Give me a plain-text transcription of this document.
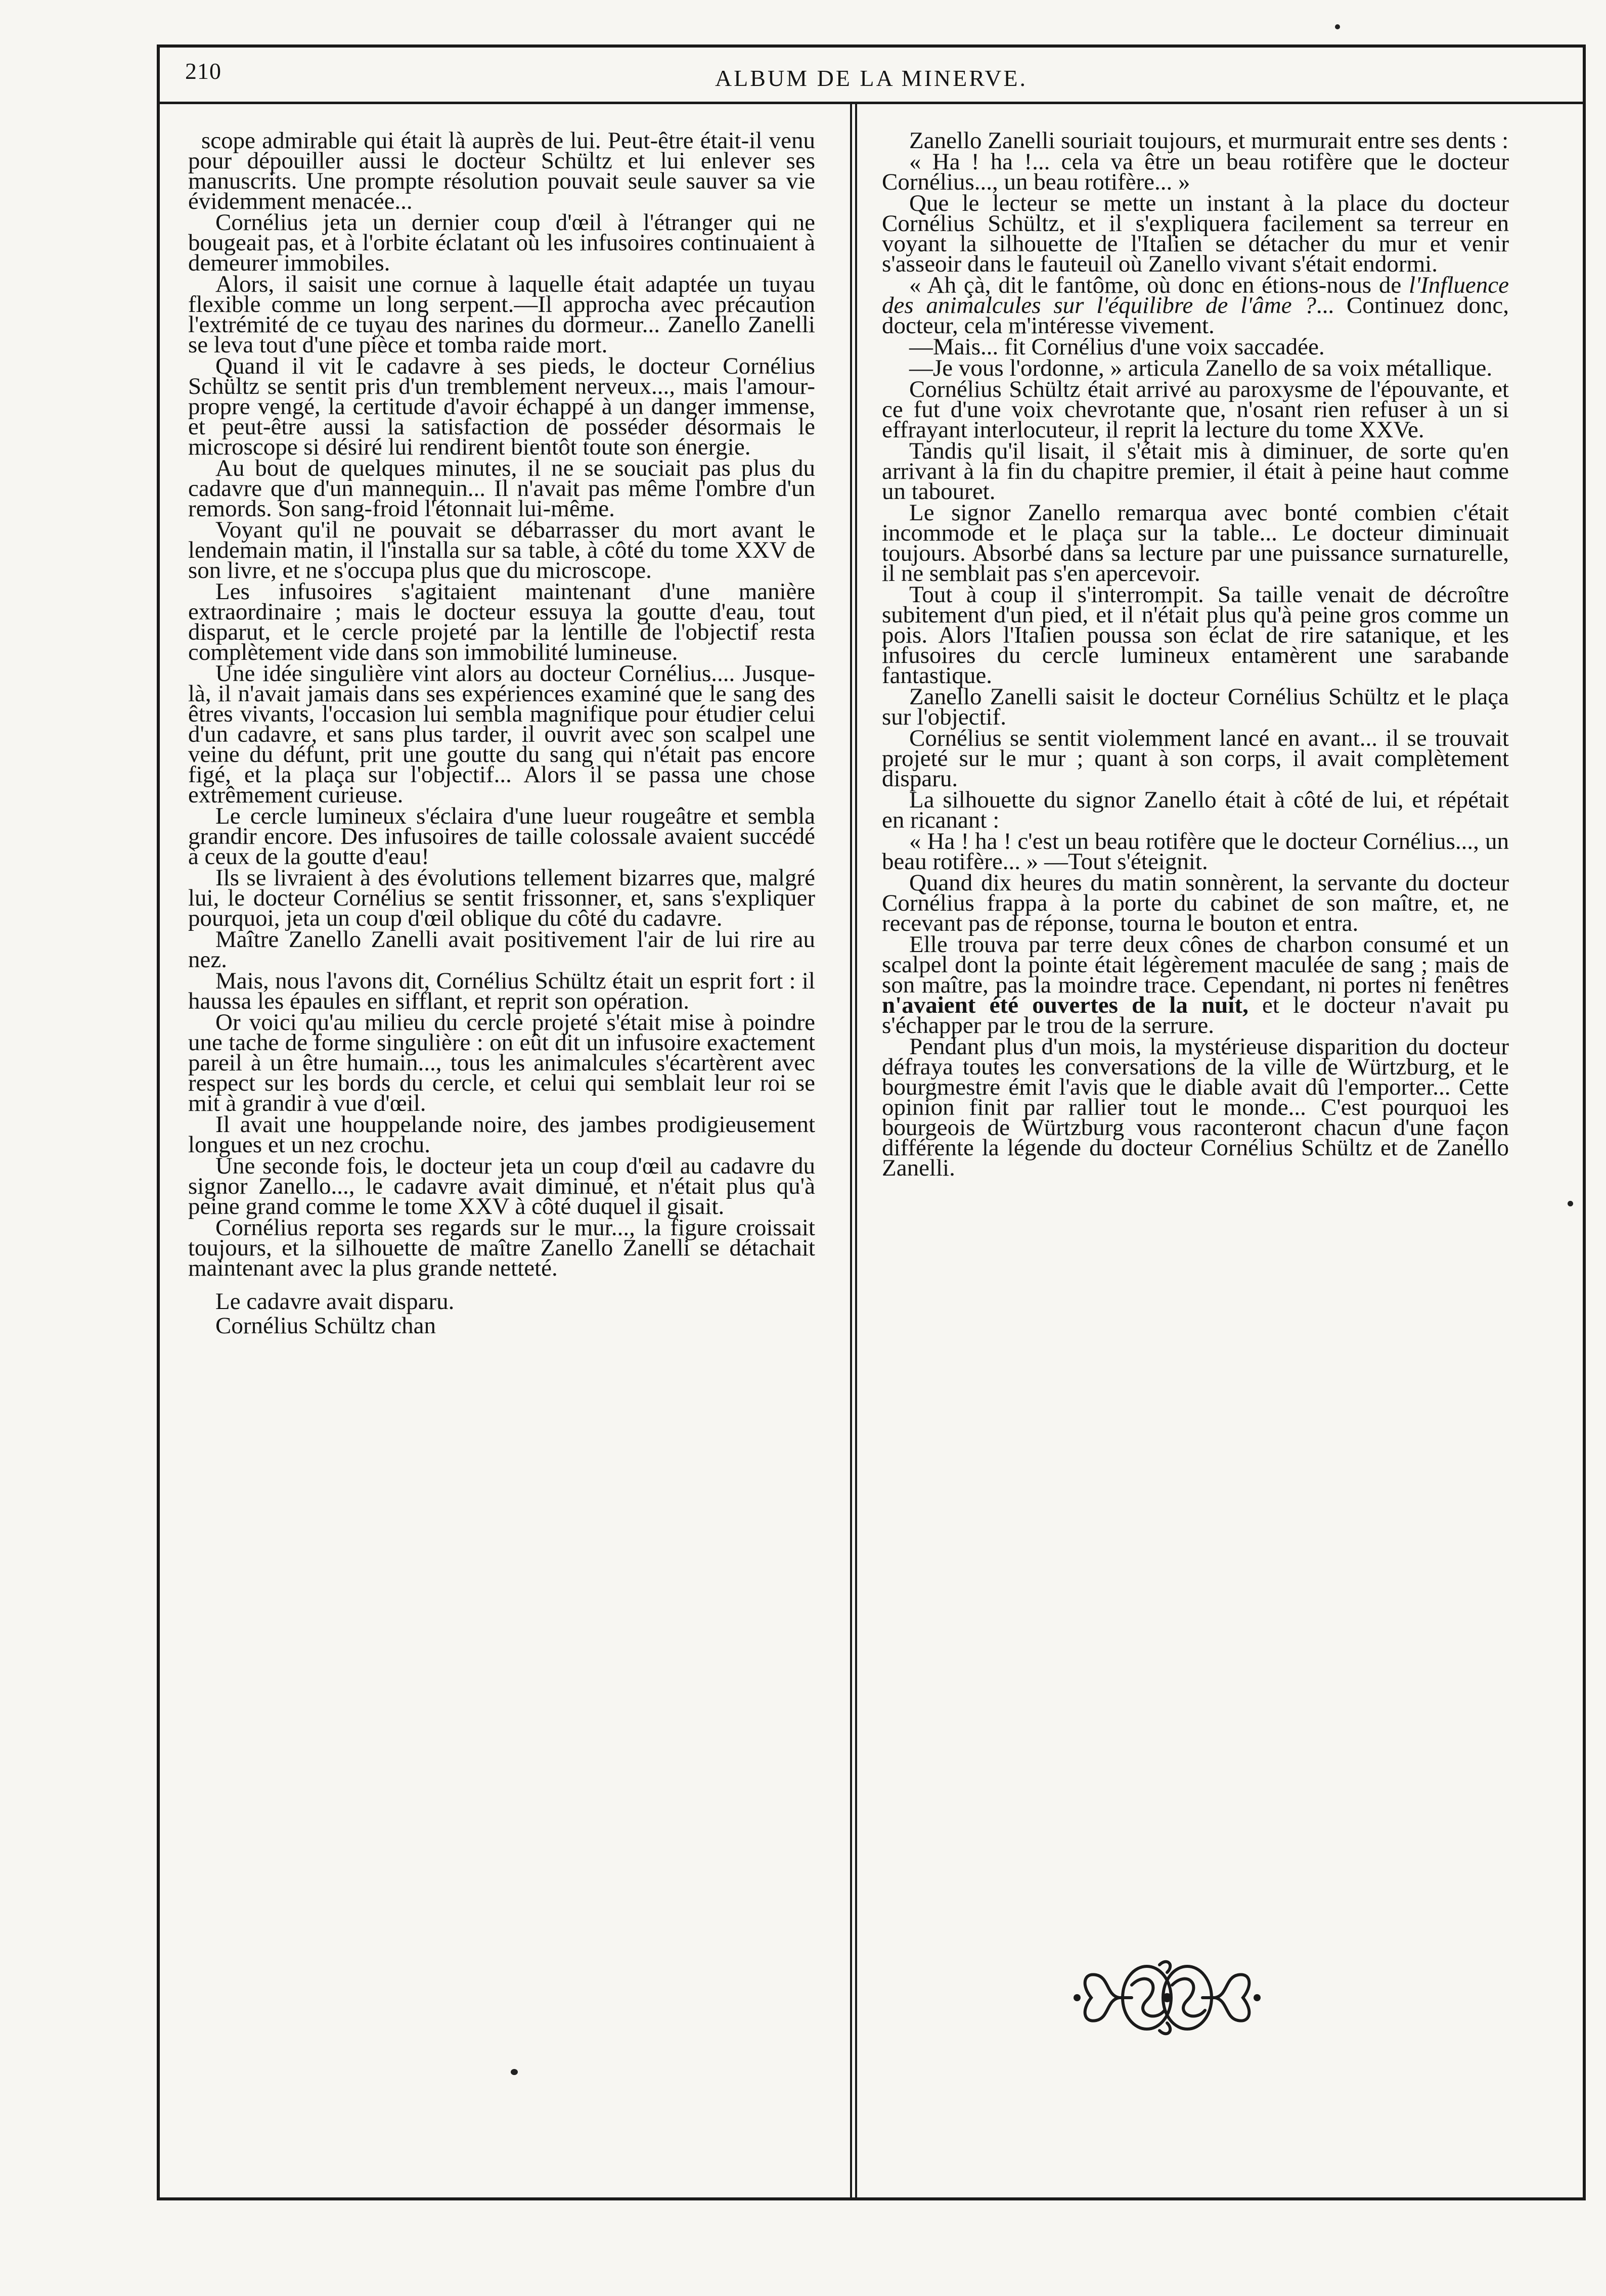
210	ALBUM DE LA MINERVE.

scope admirable qui était là auprès de lui. Peut-être était-il venu pour dépouiller aussi le docteur Schültz et lui enlever ses manuscrits. Une prompte résolution pouvait seule sauver sa vie évidemment menacée...

Cornélius jeta un dernier coup d'œil à l'étranger qui ne bougeait pas, et à l'orbite éclatant où les infusoires continuaient à demeurer immobiles.

Alors, il saisit une cornue à laquelle était adaptée un tuyau flexible comme un long serpent.—Il approcha avec précaution l'extrémité de ce tuyau des narines du dormeur... Zanello Zanelli se leva tout d'une pièce et tomba raide mort.

Quand il vit le cadavre à ses pieds, le docteur Cornélius Schültz se sentit pris d'un tremblement nerveux..., mais l'amour-propre vengé, la certitude d'avoir échappé à un danger immense, et peut-être aussi la satisfaction de posséder désormais le microscope si désiré lui rendirent bientôt toute son énergie.

Au bout de quelques minutes, il ne se souciait pas plus du cadavre que d'un mannequin... Il n'avait pas même l'ombre d'un remords. Son sang-froid l'étonnait lui-même.

Voyant qu'il ne pouvait se débarrasser du mort avant le lendemain matin, il l'installa sur sa table, à côté du tome XXV de son livre, et ne s'occupa plus que du microscope.

Les infusoires s'agitaient maintenant d'une manière extraordinaire ; mais le docteur essuya la goutte d'eau, tout disparut, et le cercle projeté par la lentille de l'objectif resta complètement vide dans son immobilité lumineuse.

Une idée singulière vint alors au docteur Cornélius.... Jusque-là, il n'avait jamais dans ses expériences examiné que le sang des êtres vivants, l'occasion lui sembla magnifique pour étudier celui d'un cadavre, et sans plus tarder, il ouvrit avec son scalpel une veine du défunt, prit une goutte du sang qui n'était pas encore figé, et la plaça sur l'objectif... Alors il se passa une chose extrêmement curieuse.

Le cercle lumineux s'éclaira d'une lueur rougeâtre et sembla grandir encore. Des infusoires de taille colossale avaient succédé à ceux de la goutte d'eau!

Ils se livraient à des évolutions tellement bizarres que, malgré lui, le docteur Cornélius se sentit frissonner, et, sans s'expliquer pourquoi, jeta un coup d'œil oblique du côté du cadavre.

Maître Zanello Zanelli avait positivement l'air de lui rire au nez.

Mais, nous l'avons dit, Cornélius Schültz était un esprit fort : il haussa les épaules en sifflant, et reprit son opération.

Or voici qu'au milieu du cercle projeté s'était mise à poindre une tache de forme singulière : on eût dit un infusoire exactement pareil à un être humain..., tous les animalcules s'écartèrent avec respect sur les bords du cercle, et celui qui semblait leur roi se mit à grandir à vue d'œil.

Il avait une houppelande noire, des jambes prodigieusement longues et un nez crochu.

Une seconde fois, le docteur jeta un coup d'œil au cadavre du signor Zanello..., le cadavre avait diminué, et n'était plus qu'à peine grand comme le tome XXV à côté duquel il gisait.

Cornélius reporta ses regards sur le mur..., la figure croissait toujours, et la silhouette de maître Zanello Zanelli se détachait maintenant avec la plus grande netteté.

Le cadavre avait disparu.

Cornélius Schültz chan

Zanello Zanelli souriait toujours, et murmurait entre ses dents :

« Ha ! ha !... cela va être un beau rotifère que le docteur Cornélius..., un beau rotifère... »

Que le lecteur se mette un instant à la place du docteur Cornélius Schültz, et il s'expliquera facilement sa terreur en voyant la silhouette de l'Italien se détacher du mur et venir s'asseoir dans le fauteuil où Zanello vivant s'était endormi.

« Ah çà, dit le fantôme, où donc en étions-nous de l'Influence des animalcules sur l'équilibre de l'âme ?... Continuez donc, docteur, cela m'intéresse vivement.

—Mais... fit Cornélius d'une voix saccadée.

—Je vous l'ordonne, » articula Zanello de sa voix métallique.

Cornélius Schültz était arrivé au paroxysme de l'épouvante, et ce fut d'une voix chevrotante que, n'osant rien refuser à un si effrayant interlocuteur, il reprit la lecture du tome XXVe.

Tandis qu'il lisait, il s'était mis à diminuer, de sorte qu'en arrivant à la fin du chapitre premier, il était à peine haut comme un tabouret.

Le signor Zanello remarqua avec bonté combien c'était incommode et le plaça sur la table... Le docteur diminuait toujours. Absorbé dans sa lecture par une puissance surnaturelle, il ne semblait pas s'en apercevoir.

Tout à coup il s'interrompit. Sa taille venait de décroître subitement d'un pied, et il n'était plus qu'à peine gros comme un pois. Alors l'Italien poussa son éclat de rire satanique, et les infusoires du cercle lumineux entamèrent une sarabande fantastique.

Zanello Zanelli saisit le docteur Cornélius Schültz et le plaça sur l'objectif.

Cornélius se sentit violemment lancé en avant... il se trouvait projeté sur le mur ; quant à son corps, il avait complètement disparu.

La silhouette du signor Zanello était à côté de lui, et répétait en ricanant :

« Ha ! ha ! c'est un beau rotifère que le docteur Cornélius..., un beau rotifère... » —Tout s'éteignit.

Quand dix heures du matin sonnèrent, la servante du docteur Cornélius frappa à la porte du cabinet de son maître, et, ne recevant pas de réponse, tourna le bouton et entra.

Elle trouva par terre deux cônes de charbon consumé et un scalpel dont la pointe était légèrement maculée de sang ; mais de son maître, pas la moindre trace. Cependant, ni portes ni fenêtres n'avaient été ouvertes de la nuit, et le docteur n'avait pu s'échapper par le trou de la serrure.

Pendant plus d'un mois, la mystérieuse disparition du docteur défraya toutes les conversations de la ville de Würtzburg, et le bourgmestre émit l'avis que le diable avait dû l'emporter... Cette opinion finit par rallier tout le monde... C'est pourquoi les bourgeois de Würtzburg vous raconteront chacun d'une façon différente la légende du docteur Cornélius Schültz et de Zanello Zanelli.
